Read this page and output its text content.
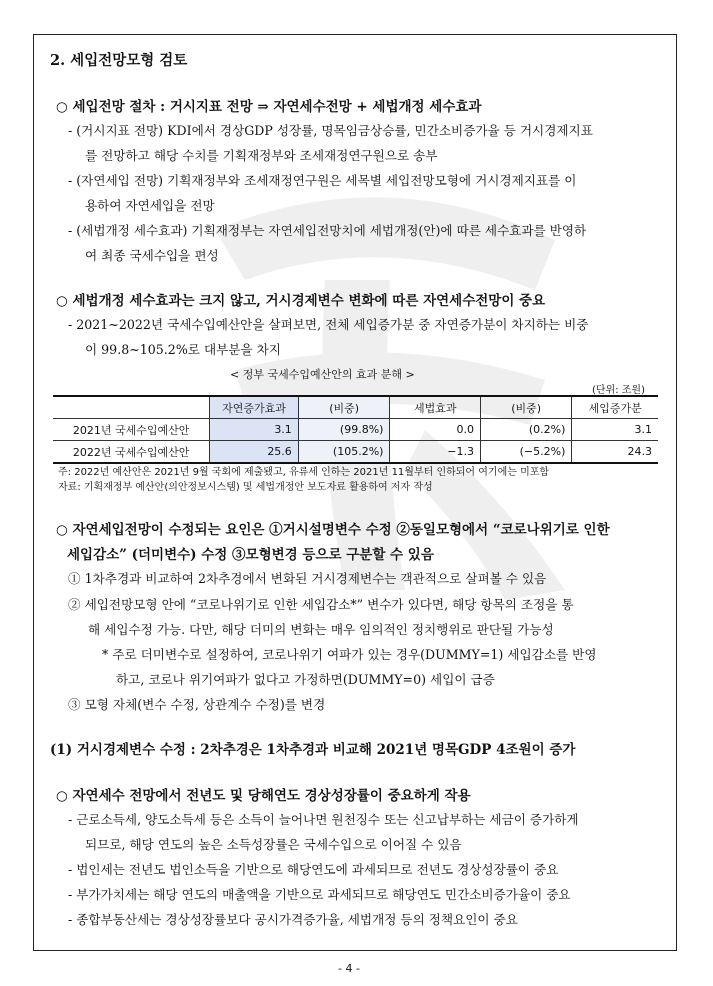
2. 세입전망모형 검토
○ 세입전망 절차 : 거시지표 전망 ⇒ 자연세수전망 + 세법개정 세수효과
- (거시지표 전망) KDI에서 경상GDP 성장률, 명목임금상승률, 민간소비증가율 등 거시경제지표
를 전망하고 해당 수치를 기획재정부와 조세재정연구원으로 송부
- (자연세입 전망) 기획재정부와 조세재정연구원은 세목별 세입전망모형에 거시경제지표를 이
용하여 자연세입을 전망
- (세법개정 세수효과) 기획재정부는 자연세입전망치에 세법개정(안)에 따른 세수효과를 반영하
여 최종 국세수입을 편성
○ 세법개정 세수효과는 크지 않고, 거시경제변수 변화에 따른 자연세수전망이 중요
- 2021~2022년 국세수입예산안을 살펴보면, 전체 세입증가분 중 자연증가분이 차지하는 비중
이 99.8~105.2%로 대부분을 차지
< 정부 국세수입예산안의 효과 분해 >
(단위: 조원)
	자연증가효과	(비중)	세법효과	(비중)	세입증가분
2021년 국세수입예산안	3.1	(99.8%)	0.0	(0.2%)	3.1
2022년 국세수입예산안	25.6	(105.2%)	−1.3	(−5.2%)	24.3
주: 2022년 예산안은 2021년 9월 국회에 제출됐고, 유류세 인하는 2021년 11월부터 인하되어 여기에는 미포함
자료: 기획재정부 예산안(의안정보시스템) 및 세법개정안 보도자료 활용하여 저자 작성
○ 자연세입전망이 수정되는 요인은 ①거시설명변수 수정 ②동일모형에서 “코로나위기로 인한
세입감소” (더미변수) 수정 ③모형변경 등으로 구분할 수 있음
① 1차추경과 비교하여 2차추경에서 변화된 거시경제변수는 객관적으로 살펴볼 수 있음
② 세입전망모형 안에 “코로나위기로 인한 세입감소*” 변수가 있다면, 해당 항목의 조정을 통
해 세입수정 가능. 다만, 해당 더미의 변화는 매우 임의적인 정치행위로 판단될 가능성
* 주로 더미변수로 설정하여, 코로나위기 여파가 있는 경우(DUMMY=1) 세입감소를 반영
하고, 코로나 위기여파가 없다고 가정하면(DUMMY=0) 세입이 급증
③ 모형 자체(변수 수정, 상관계수 수정)를 변경
(1) 거시경제변수 수정 : 2차추경은 1차추경과 비교해 2021년 명목GDP 4조원이 증가
○ 자연세수 전망에서 전년도 및 당해연도 경상성장률이 중요하게 작용
- 근로소득세, 양도소득세 등은 소득이 늘어나면 원천징수 또는 신고납부하는 세금이 증가하게
되므로, 해당 연도의 높은 소득성장률은 국세수입으로 이어질 수 있음
- 법인세는 전년도 법인소득을 기반으로 해당연도에 과세되므로 전년도 경상성장률이 중요
- 부가가치세는 해당 연도의 매출액을 기반으로 과세되므로 해당연도 민간소비증가율이 중요
- 종합부동산세는 경상성장률보다 공시가격증가율, 세법개정 등의 정책요인이 중요
- 4 -
